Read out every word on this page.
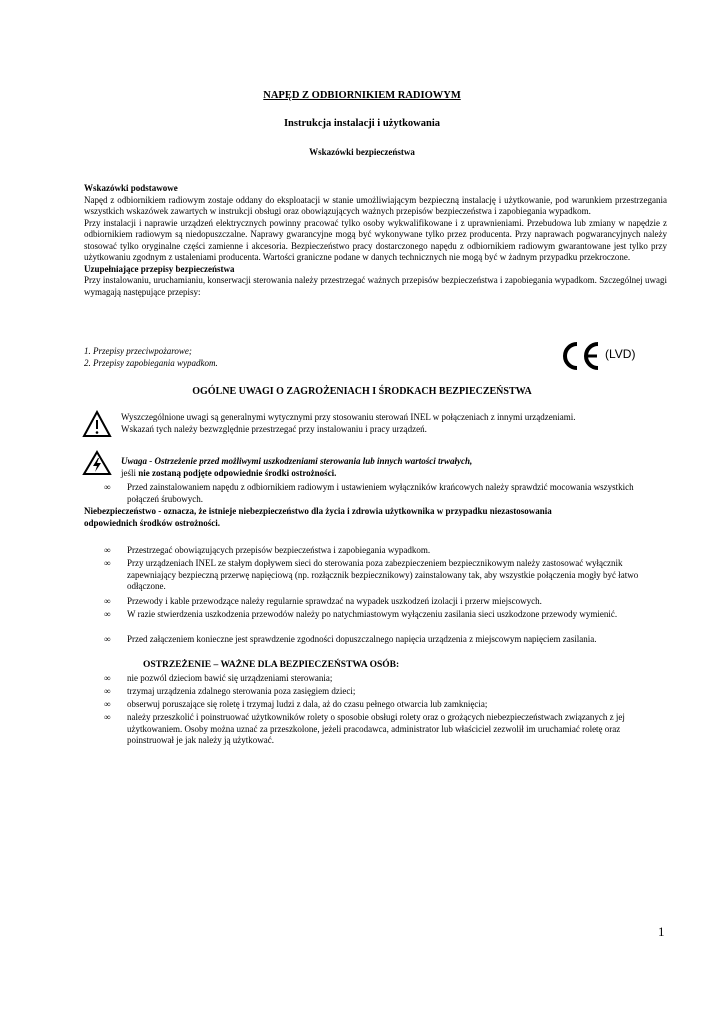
NAPĘD Z ODBIORNIKIEM RADIOWYM
Instrukcja instalacji i użytkowania
Wskazówki bezpieczeństwa

Wskazówki podstawowe

Napęd z odbiornikiem radiowym zostaje oddany do eksploatacji w stanie umożliwiającym bezpieczną instalację i użytkowanie, pod warunkiem przestrzegania wszystkich wskazówek zawartych w instrukcji obsługi oraz obowiązujących ważnych przepisów bezpieczeństwa i zapobiegania wypadkom.

Przy instalacji i naprawie urządzeń elektrycznych powinny pracować tylko osoby wykwalifikowane i z uprawnieniami. Przebudowa lub zmiany w napędzie z odbiornikiem radiowym są niedopuszczalne. Naprawy gwarancyjne mogą być wykonywane tylko przez producenta. Przy naprawach pogwarancyjnych należy stosować tylko oryginalne części zamienne i akcesoria. Bezpieczeństwo pracy dostarczonego napędu z odbiornikiem radiowym gwarantowane jest tylko przy użytkowaniu zgodnym z ustaleniami producenta. Wartości graniczne podane w danych technicznych nie mogą być w żadnym przypadku przekroczone.

Uzupełniające przepisy bezpieczeństwa

Przy instalowaniu, uruchamianiu, konserwacji sterowania należy przestrzegać ważnych przepisów bezpieczeństwa i zapobiegania wypadkom. Szczególnej uwagi wymagają następujące przepisy:

1. Przepisy przeciwpożarowe;

2. Przepisy zapobiegania wypadkom.

(LVD)
OGÓLNE UWAGI O ZAGROŻENIACH I ŚRODKACH BEZPIECZEŃSTWA

Wyszczególnione uwagi są generalnymi wytycznymi przy stosowaniu sterowań INEL w połączeniach z innymi urządzeniami.

Wskazań tych należy bezwzględnie przestrzegać przy instalowaniu i pracy urządzeń.

Uwaga - Ostrzeżenie przed możliwymi uszkodzeniami sterowania lub innych wartości trwałych,

jeśli nie zostaną podjęte odpowiednie środki ostrożności.

∞ Przed zainstalowaniem napędu z odbiornikiem radiowym i ustawieniem wyłączników krańcowych należy sprawdzić mocowania wszystkich połączeń śrubowych.

Niebezpieczeństwo - oznacza, że istnieje niebezpieczeństwo dla życia i zdrowia użytkownika w przypadku niezastosowania

odpowiednich środków ostrożności.

∞ Przestrzegać obowiązujących przepisów bezpieczeństwa i zapobiegania wypadkom.
∞ Przy urządzeniach INEL ze stałym dopływem sieci do sterowania poza zabezpieczeniem bezpiecznikowym należy zastosować wyłącznik zapewniający bezpieczną przerwę napięciową (np. rozłącznik bezpiecznikowy) zainstalowany tak, aby wszystkie połączenia mogły być łatwo odłączone.
∞ Przewody i kable przewodzące należy regularnie sprawdzać na wypadek uszkodzeń izolacji i przerw miejscowych.
∞ W razie stwierdzenia uszkodzenia przewodów należy po natychmiastowym wyłączeniu zasilania sieci uszkodzone przewody wymienić.
∞ Przed załączeniem konieczne jest sprawdzenie zgodności dopuszczalnego napięcia urządzenia z miejscowym napięciem zasilania.
OSTRZEŻENIE – WAŻNE DLA BEZPIECZEŃSTWA OSÓB:
∞ nie pozwól dzieciom bawić się urządzeniami sterowania;
∞ trzymaj urządzenia zdalnego sterowania poza zasięgiem dzieci;
∞ obserwuj poruszające się roletę i trzymaj ludzi z dala, aż do czasu pełnego otwarcia lub zamknięcia;
∞ należy przeszkolić i poinstruować użytkowników rolety o sposobie obsługi rolety oraz o grożących niebezpieczeństwach związanych z jej użytkowaniem. Osoby można uznać za przeszkolone, jeżeli pracodawca, administrator lub właściciel zezwolił im uruchamiać roletę oraz poinstruował je jak należy ją użytkować.
1
